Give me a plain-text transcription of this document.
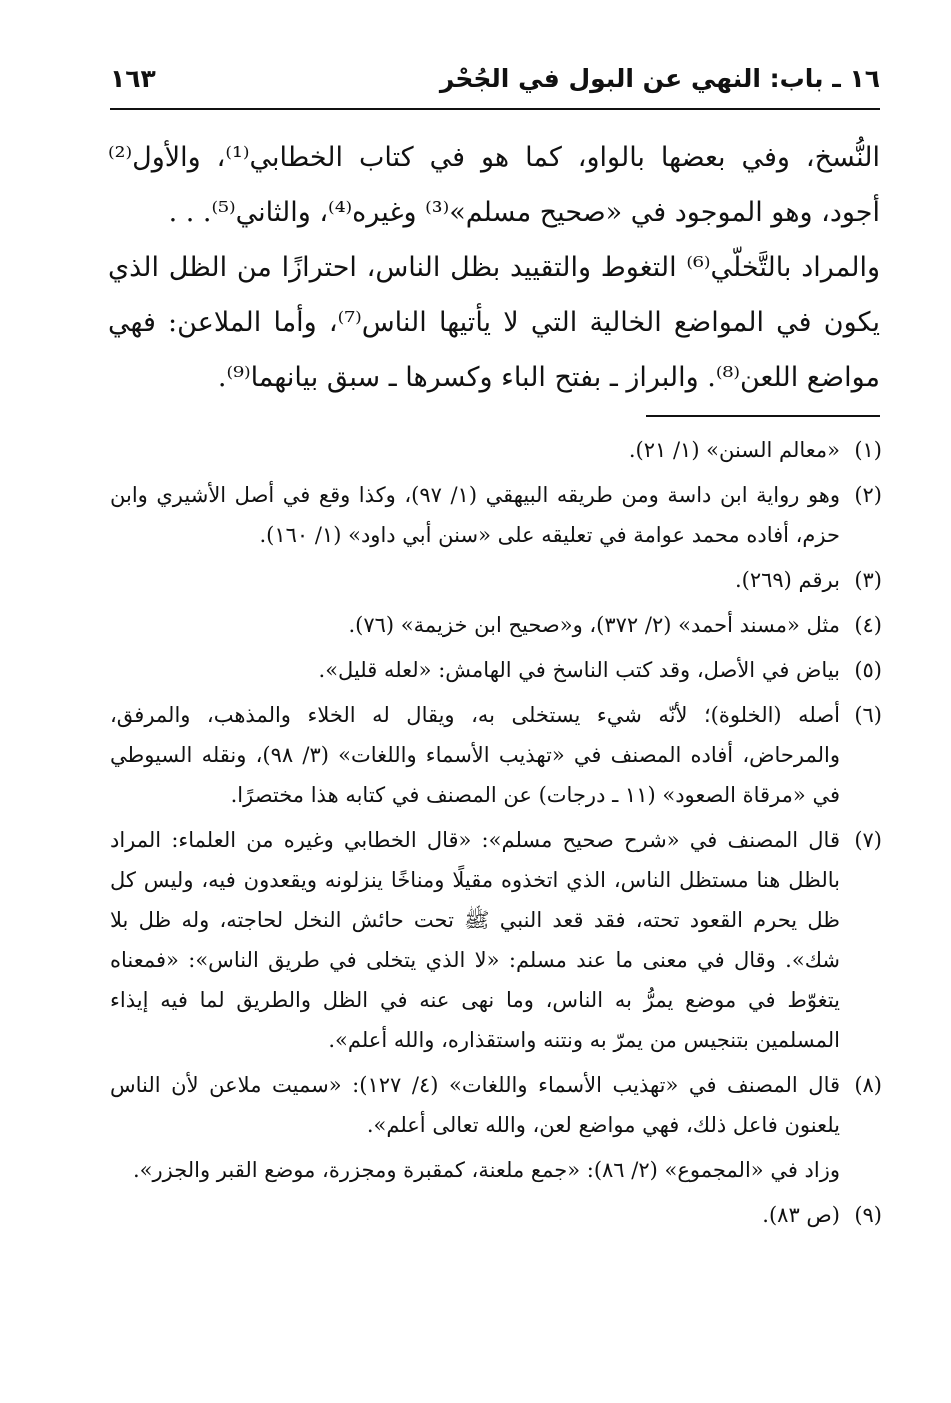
١٦ ـ باب: النهي عن البول في الجُحْر
١٦٣

النُّسخ، وفي بعضها بالواو، كما هو في كتاب الخطابي⁽¹⁾، والأول⁽²⁾ أجود، وهو الموجود في «صحيح مسلم»⁽³⁾ وغيره⁽⁴⁾، والثاني⁽⁵⁾. . .

والمراد بالتَّخلّي⁽⁶⁾ التغوط والتقييد بظل الناس، احترازًا من الظل الذي يكون في المواضع الخالية التي لا يأتيها الناس⁽⁷⁾، وأما الملاعن: فهي مواضع اللعن⁽⁸⁾. والبراز ـ بفتح الباء وكسرها ـ سبق بيانهما⁽⁹⁾.

(١)
«معالم السنن» (١/ ٢١).
(٢)
وهو رواية ابن داسة ومن طريقه البيهقي (١/ ٩٧)، وكذا وقع في أصل الأشيري وابن حزم، أفاده محمد عوامة في تعليقه على «سنن أبي داود» (١/ ١٦٠).
(٣)
برقم (٢٦٩).
(٤)
مثل «مسند أحمد» (٢/ ٣٧٢)، و«صحيح ابن خزيمة» (٧٦).
(٥)
بياض في الأصل، وقد كتب الناسخ في الهامش: «لعله قليل».
(٦)
أصله (الخلوة)؛ لأنّه شيء يستخلى به، ويقال له الخلاء والمذهب، والمرفق، والمرحاض، أفاده المصنف في «تهذيب الأسماء واللغات» (٣/ ٩٨)، ونقله السيوطي في «مرقاة الصعود» (١١ ـ درجات) عن المصنف في كتابه هذا مختصرًا.
(٧)
قال المصنف في «شرح صحيح مسلم»: «قال الخطابي وغيره من العلماء: المراد بالظل هنا مستظل الناس، الذي اتخذوه مقيلًا ومناخًا ينزلونه ويقعدون فيه، وليس كل ظل يحرم القعود تحته، فقد قعد النبي ﷺ تحت حائش النخل لحاجته، وله ظل بلا شك». وقال في معنى ما عند مسلم: «لا الذي يتخلى في طريق الناس»: «فمعناه يتغوّط في موضع يمرُّ به الناس، وما نهى عنه في الظل والطريق لما فيه إيذاء المسلمين بتنجيس من يمرّ به ونتنه واستقذاره، والله أعلم».
(٨)
قال المصنف في «تهذيب الأسماء واللغات» (٤/ ١٢٧): «سميت ملاعن لأن الناس يلعنون فاعل ذلك، فهي مواضع لعن، والله تعالى أعلم».

وزاد في «المجموع» (٢/ ٨٦): «جمع ملعنة، كمقبرة ومجزرة، موضع القبر والجزر».

(٩)
(ص ٨٣).
